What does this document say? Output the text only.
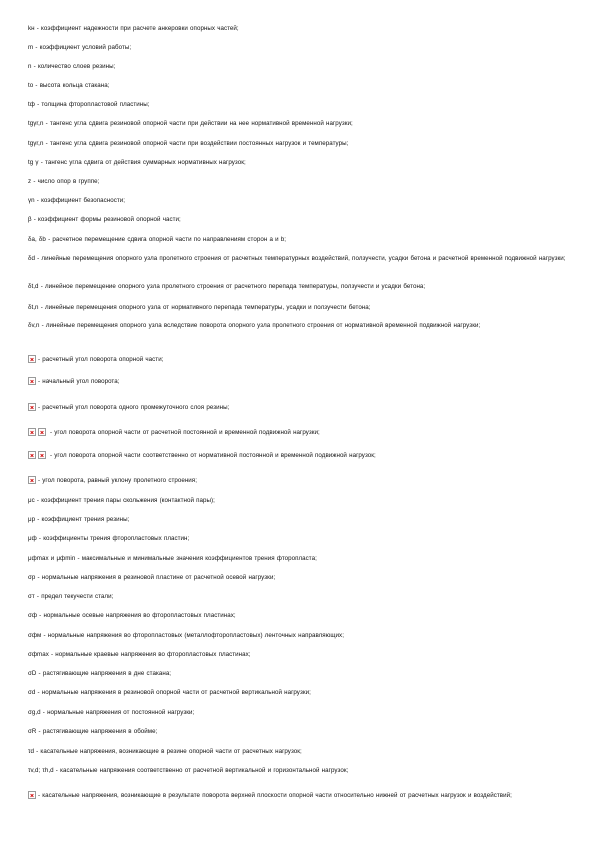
kн - коэффициент надежности при расчете анкеровки опорных частей;
m - коэффициент условий работы;
n - количество слоев резины;
to - высота кольца стакана;
tф - толщина фторопластовой пластины;
tgγr,n - тангенс угла сдвига резиновой опорной части при действии на нее нормативной временной нагрузки;
tgγr,n - тангенс угла сдвига резиновой опорной части при воздействии постоянных нагрузок и температуры;
tg γ - тангенс угла сдвига от действия суммарных нормативных нагрузок;
z - число опор в группе;
γn - коэффициент безопасности;
β - коэффициент формы резиновой опорной части;
δa, δb - расчетное перемещение сдвига опорной части по направлениям сторон a и b;
δd - линейные перемещения опорного узла пролетного строения от расчетных температурных воздействий, ползучести, усадки бетона и расчетной временной подвижной нагрузки;
δt,d - линейное перемещение опорного узла пролетного строения от расчетного перепада температуры, ползучести и усадки бетона;
δt,n - линейные перемещения опорного узла от нормативного перепада температуры, усадки и ползучести бетона;
δv,n - линейные перемещения опорного узла вследствие поворота опорного узла пролетного строения от нормативной временной подвижной нагрузки;
- расчетный угол поворота опорной части;
- начальный угол поворота;
- расчетный угол поворота одного промежуточного слоя резины;
- угол поворота опорной части от расчетной постоянной и временной подвижной нагрузки;
- угол поворота опорной части соответственно от нормативной постоянной и временной подвижной нагрузок;
- угол поворота, равный уклону пролетного строения;
μc - коэффициент трения пары скольжения (контактной пары);
μр - коэффициент трения резины;
μф - коэффициенты трения фторопластовых пластин;
μфmax и μфmin - максимальные и минимальные значения коэффициентов трения фторопласта;
σр - нормальные напряжения в резиновой пластине от расчетной осевой нагрузки;
σт - предел текучести стали;
σф - нормальные осевые напряжения во фторопластовых пластинах;
σфм - нормальные напряжения во фторопластовых (металлофторопластовых) ленточных направляющих;
σфmax - нормальные краевые напряжения во фторопластовых пластинах;
σD - растягивающие напряжения в дне стакана;
σd - нормальные напряжения в резиновой опорной части от расчетной вертикальной нагрузки;
σg,d - нормальные напряжения от постоянной нагрузки;
σR - растягивающие напряжения в обойме;
τd - касательные напряжения, возникающие в резине опорной части от расчетных нагрузок;
τv,d; τh,d - касательные напряжения соответственно от расчетной вертикальной и горизонтальной нагрузок;
- касательные напряжения, возникающие в результате поворота верхней плоскости опорной части относительно нижней от расчетных нагрузок и воздействий;
